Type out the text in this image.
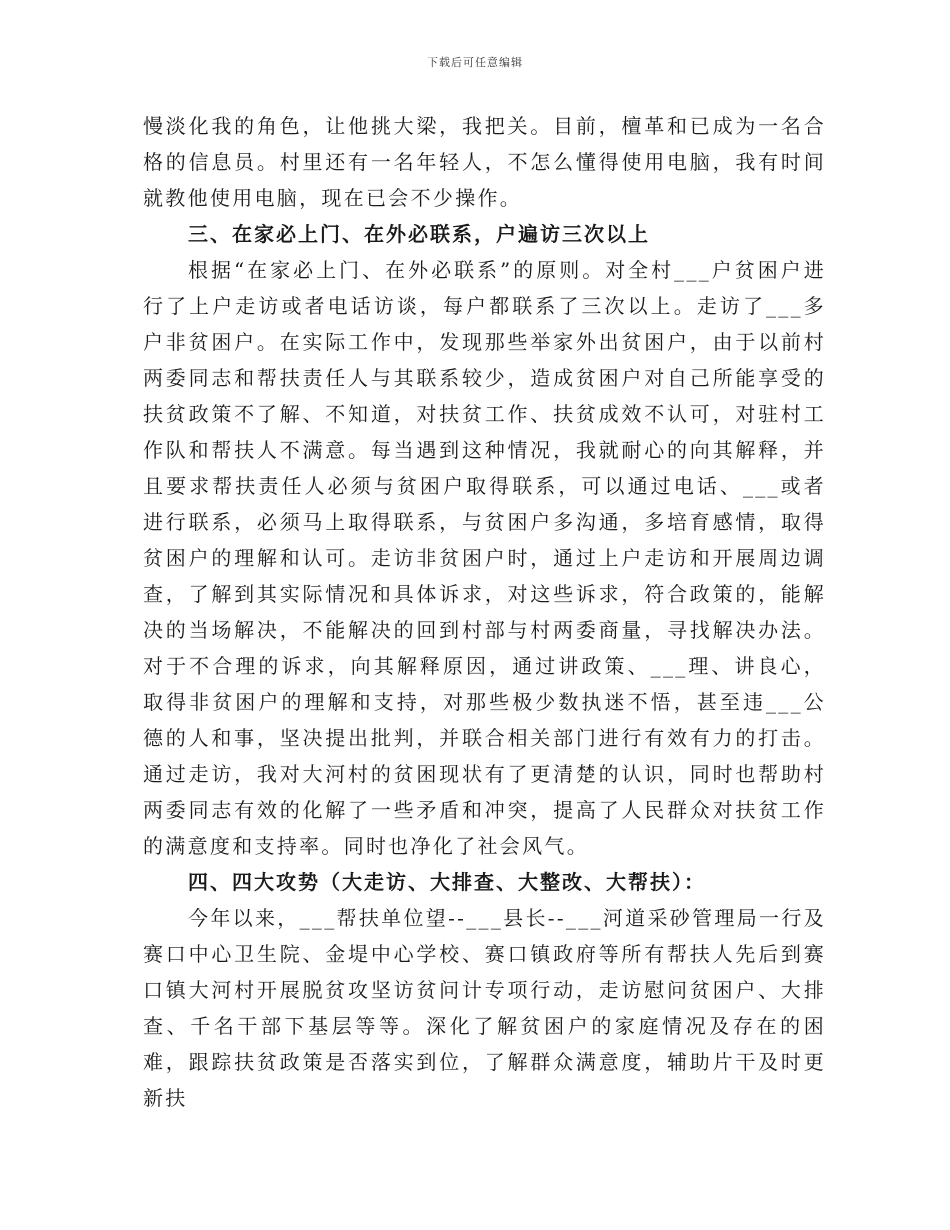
下载后可任意编辑

慢淡化我的角色，让他挑大梁，我把关。目前，檀革和已成为一名合格的信息员。村里还有一名年轻人，不怎么懂得使用电脑，我有时间就教他使用电脑，现在已会不少操作。

三、在家必上门、在外必联系，户遍访三次以上

根据“在家必上门、在外必联系”的原则。对全村___户贫困户进行了上户走访或者电话访谈，每户都联系了三次以上。走访了___多户非贫困户。在实际工作中，发现那些举家外出贫困户，由于以前村两委同志和帮扶责任人与其联系较少，造成贫困户对自己所能享受的扶贫政策不了解、不知道，对扶贫工作、扶贫成效不认可，对驻村工作队和帮扶人不满意。每当遇到这种情况，我就耐心的向其解释，并且要求帮扶责任人必须与贫困户取得联系，可以通过电话、___或者进行联系，必须马上取得联系，与贫困户多沟通，多培育感情，取得贫困户的理解和认可。走访非贫困户时，通过上户走访和开展周边调查，了解到其实际情况和具体诉求，对这些诉求，符合政策的，能解决的当场解决，不能解决的回到村部与村两委商量，寻找解决办法。对于不合理的诉求，向其解释原因，通过讲政策、___理、讲良心，取得非贫困户的理解和支持，对那些极少数执迷不悟，甚至违___公德的人和事，坚决提出批判，并联合相关部门进行有效有力的打击。通过走访，我对大河村的贫困现状有了更清楚的认识，同时也帮助村两委同志有效的化解了一些矛盾和冲突，提高了人民群众对扶贫工作的满意度和支持率。同时也净化了社会风气。

四、四大攻势（大走访、大排查、大整改、大帮扶）：

今年以来，___帮扶单位望--___县长--___河道采砂管理局一行及赛口中心卫生院、金堤中心学校、赛口镇政府等所有帮扶人先后到赛口镇大河村开展脱贫攻坚访贫问计专项行动，走访慰问贫困户、大排查、千名干部下基层等等。深化了解贫困户的家庭情况及存在的困难，跟踪扶贫政策是否落实到位，了解群众满意度，辅助片干及时更新扶
